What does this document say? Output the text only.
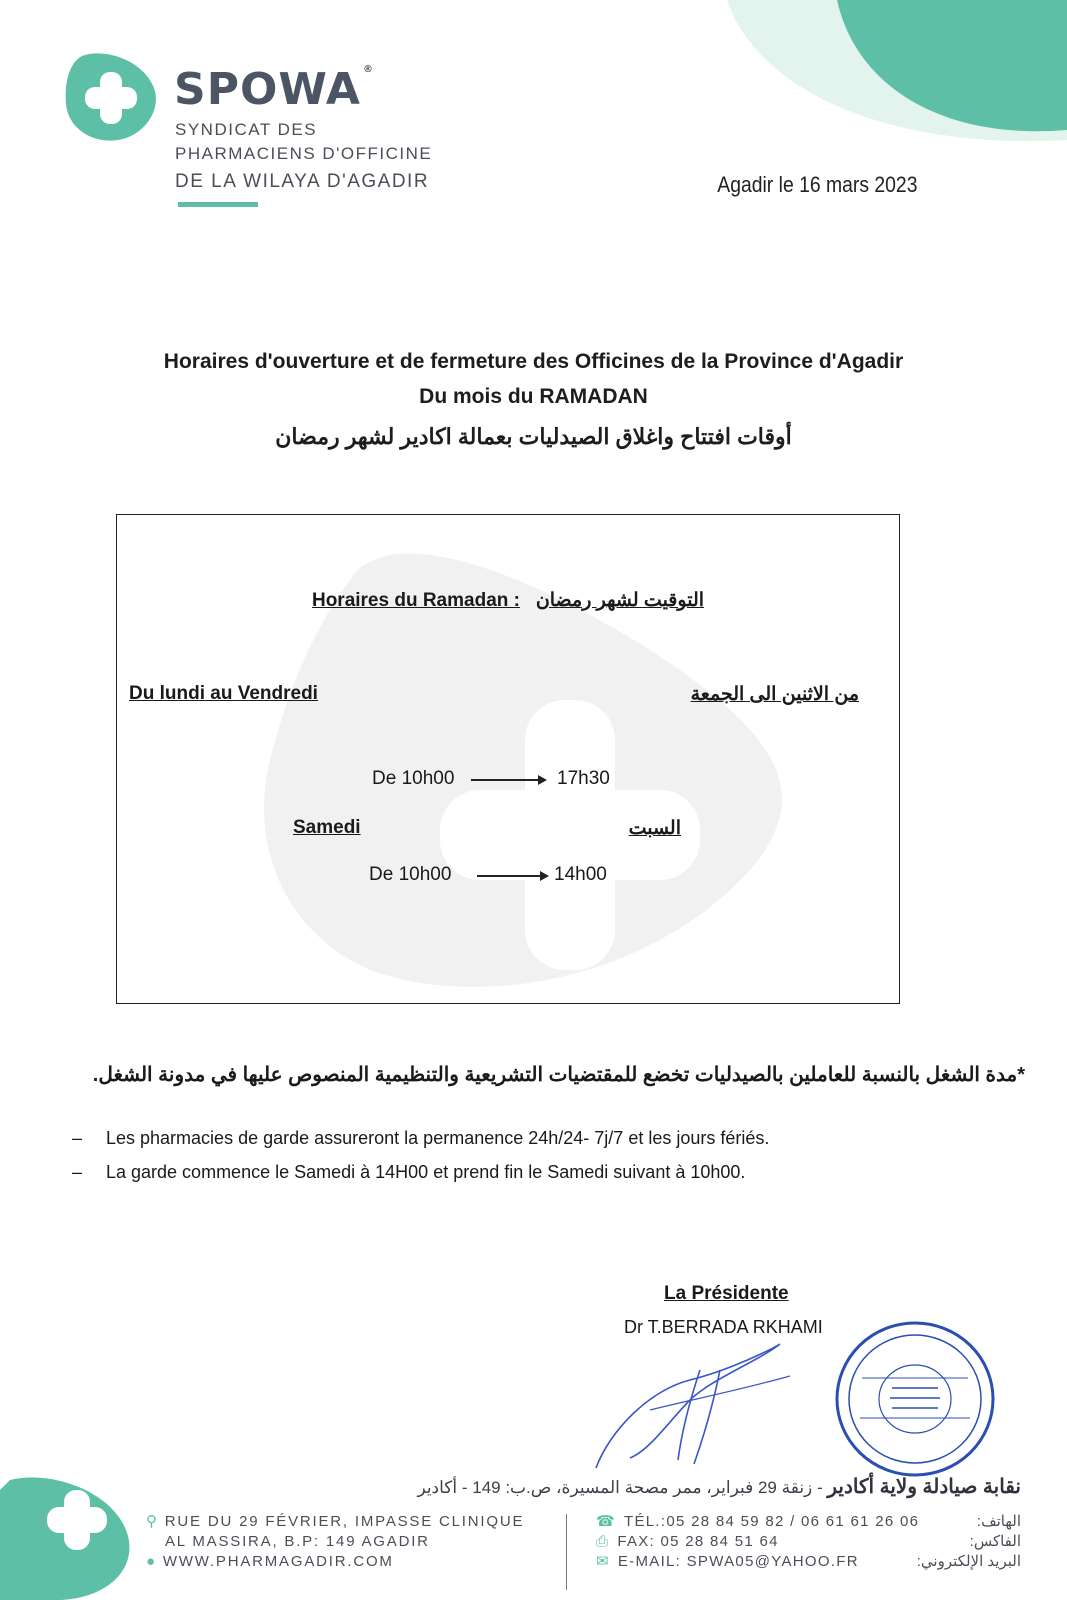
SPOWA ®
SYNDICAT DES
PHARMACIENS D'OFFICINE
DE LA WILAYA D'AGADIR	Agadir le 16 mars 2023
Horaires d'ouverture et de fermeture des Officines de la Province d'Agadir
Du mois du RAMADAN
أوقات افتتاح واغلاق الصيدليات بعمالة اكادير لشهر رمضان
Horaires du Ramadan : التوقيت لشهر رمضان
Du lundi au Vendredi	من الاثنين الى الجمعة
De 10h00	17h30
Samedi	السبت
De 10h00	14h00
*مدة الشغل بالنسبة للعاملين بالصيدليات تخضع للمقتضيات التشريعية والتنظيمية المنصوص عليها في مدونة الشغل.
–	Les pharmacies de garde assureront la permanence 24h/24- 7j/7 et les jours fériés.
–	La garde commence le Samedi à 14H00 et prend fin le Samedi suivant à 10h00.
La Présidente
Dr T.BERRADA RKHAMI
نقابة صيادلة ولاية أكادير - زنقة 29 فبراير، ممر مصحة المسيرة، ص.ب: 149 - أكادير
⚲ RUE DU 29 FÉVRIER, IMPASSE CLINIQUE
AL MASSIRA, B.P: 149 AGADIR
● WWW.PHARMAGADIR.COM
☎ TÉL.:05 28 84 59 82 / 06 61 61 26 06
⎙ FAX: 05 28 84 51 64
✉ E-MAIL: SPWA05@YAHOO.FR
الهاتف:
الفاكس:
البريد الإلكتروني:
